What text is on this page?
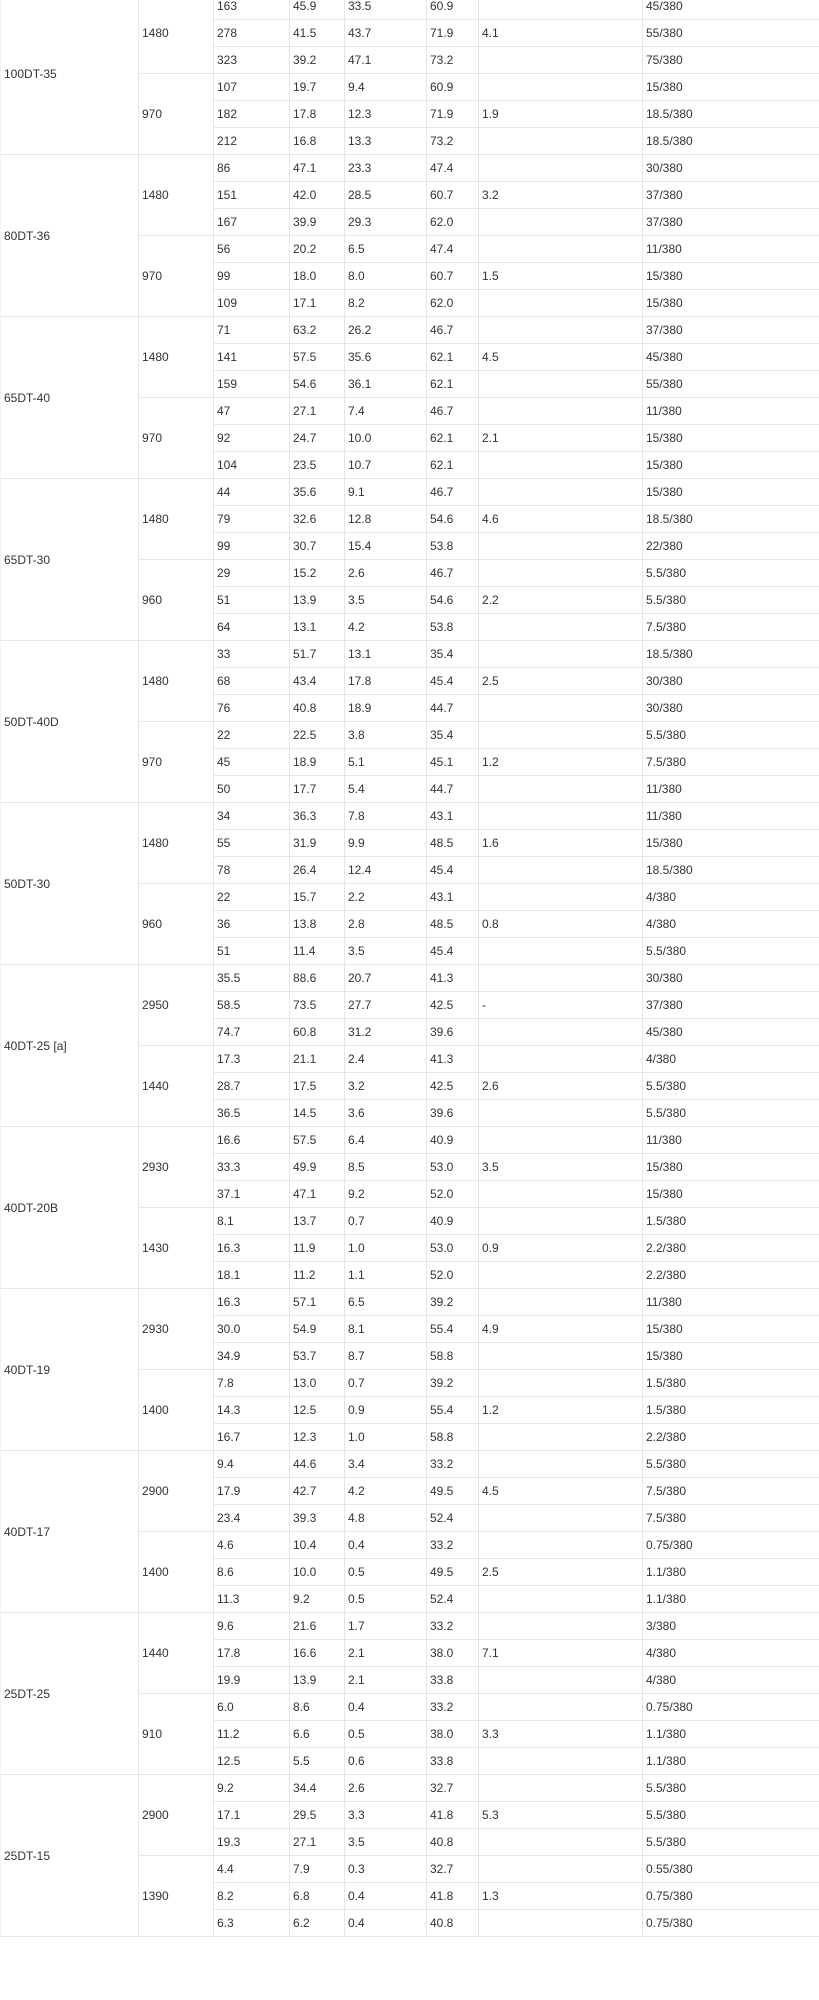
100DT-35	1480	163	45.9	33.5	60.9		45/380
		278	41.5	43.7	71.9	4.1	55/380
		323	39.2	47.1	73.2		75/380
	970	107	19.7	9.4	60.9		15/380
		182	17.8	12.3	71.9	1.9	18.5/380
		212	16.8	13.3	73.2		18.5/380
80DT-36	1480	86	47.1	23.3	47.4		30/380
		151	42.0	28.5	60.7	3.2	37/380
		167	39.9	29.3	62.0		37/380
	970	56	20.2	6.5	47.4		11/380
		99	18.0	8.0	60.7	1.5	15/380
		109	17.1	8.2	62.0		15/380
65DT-40	1480	71	63.2	26.2	46.7		37/380
		141	57.5	35.6	62.1	4.5	45/380
		159	54.6	36.1	62.1		55/380
	970	47	27.1	7.4	46.7		11/380
		92	24.7	10.0	62.1	2.1	15/380
		104	23.5	10.7	62.1		15/380
65DT-30	1480	44	35.6	9.1	46.7		15/380
		79	32.6	12.8	54.6	4.6	18.5/380
		99	30.7	15.4	53.8		22/380
	960	29	15.2	2.6	46.7		5.5/380
		51	13.9	3.5	54.6	2.2	5.5/380
		64	13.1	4.2	53.8		7.5/380
50DT-40D	1480	33	51.7	13.1	35.4		18.5/380
		68	43.4	17.8	45.4	2.5	30/380
		76	40.8	18.9	44.7		30/380
	970	22	22.5	3.8	35.4		5.5/380
		45	18.9	5.1	45.1	1.2	7.5/380
		50	17.7	5.4	44.7		11/380
50DT-30	1480	34	36.3	7.8	43.1		11/380
		55	31.9	9.9	48.5	1.6	15/380
		78	26.4	12.4	45.4		18.5/380
	960	22	15.7	2.2	43.1		4/380
		36	13.8	2.8	48.5	0.8	4/380
		51	11.4	3.5	45.4		5.5/380
40DT-25 [a]	2950	35.5	88.6	20.7	41.3		30/380
		58.5	73.5	27.7	42.5	-	37/380
		74.7	60.8	31.2	39.6		45/380
	1440	17.3	21.1	2.4	41.3		4/380
		28.7	17.5	3.2	42.5	2.6	5.5/380
		36.5	14.5	3.6	39.6		5.5/380
40DT-20B	2930	16.6	57.5	6.4	40.9		11/380
		33.3	49.9	8.5	53.0	3.5	15/380
		37.1	47.1	9.2	52.0		15/380
	1430	8.1	13.7	0.7	40.9		1.5/380
		16.3	11.9	1.0	53.0	0.9	2.2/380
		18.1	11.2	1.1	52.0		2.2/380
40DT-19	2930	16.3	57.1	6.5	39.2		11/380
		30.0	54.9	8.1	55.4	4.9	15/380
		34.9	53.7	8.7	58.8		15/380
	1400	7.8	13.0	0.7	39.2		1.5/380
		14.3	12.5	0.9	55.4	1.2	1.5/380
		16.7	12.3	1.0	58.8		2.2/380
40DT-17	2900	9.4	44.6	3.4	33.2		5.5/380
		17.9	42.7	4.2	49.5	4.5	7.5/380
		23.4	39.3	4.8	52.4		7.5/380
	1400	4.6	10.4	0.4	33.2		0.75/380
		8.6	10.0	0.5	49.5	2.5	1.1/380
		11.3	9.2	0.5	52.4		1.1/380
25DT-25	1440	9.6	21.6	1.7	33.2		3/380
		17.8	16.6	2.1	38.0	7.1	4/380
		19.9	13.9	2.1	33.8		4/380
	910	6.0	8.6	0.4	33.2		0.75/380
		11.2	6.6	0.5	38.0	3.3	1.1/380
		12.5	5.5	0.6	33.8		1.1/380
25DT-15	2900	9.2	34.4	2.6	32.7		5.5/380
		17.1	29.5	3.3	41.8	5.3	5.5/380
		19.3	27.1	3.5	40.8		5.5/380
	1390	4.4	7.9	0.3	32.7		0.55/380
		8.2	6.8	0.4	41.8	1.3	0.75/380
		6.3	6.2	0.4	40.8		0.75/380
